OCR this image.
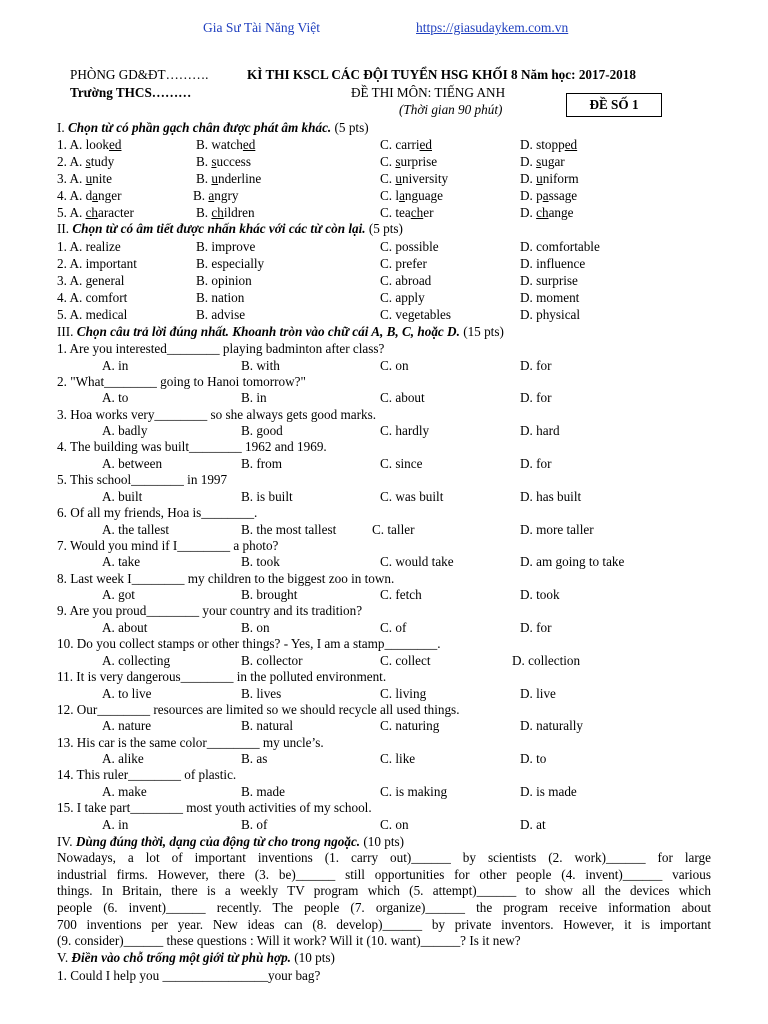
Gia Sư Tài Năng Việt	https://giasudaykem.com.vn
PHÒNG GD&ĐT……….	KÌ THI KSCL CÁC ĐỘI TUYỂN HSG KHỐI 8 Năm học: 2017-2018
Trường THCS………	ĐỀ THI MÔN: TIẾNG ANH
(Thời gian 90 phút)	ĐỀ SỐ 1
I. Chọn từ có phần gạch chân được phát âm khác. (5 pts)
1. A. looked	B. watched	C. carried	D. stopped
2. A. study	B. success	C. surprise	D. sugar
3. A. unite	B. underline	C. university	D. uniform
4. A. danger	B. angry	C. language	D. passage
5. A. character	B. children	C. teacher	D. change
II. Chọn từ có âm tiết được nhấn khác với các từ còn lại. (5 pts)
1. A. realize	B. improve	C. possible	D. comfortable
2. A. important	B. especially	C. prefer	D. influence
3. A. general	B. opinion	C. abroad	D. surprise
4. A. comfort	B. nation	C. apply	D. moment
5. A. medical	B. advise	C. vegetables	D. physical
III. Chọn câu trả lời đúng nhất. Khoanh tròn vào chữ cái A, B, C, hoặc D. (15 pts)
1. Are you interested________ playing badminton after class?
A. in	B. with	C. on	D. for
2. "What________ going to Hanoi tomorrow?"
A. to	B. in	C. about	D. for
3. Hoa works very________ so she always gets good marks.
A. badly	B. good	C. hardly	D. hard
4. The building was built________ 1962 and 1969.
A. between	B. from	C. since	D. for
5. This school________ in 1997
A. built	B. is built	C. was built	D. has built
6. Of all my friends, Hoa is________.
A. the tallest	B. the most tallest	C. taller	D. more taller
7. Would you mind if I________ a photo?
A. take	B. took	C. would take	D. am going to take
8. Last week I________ my children to the biggest zoo in town.
A. got	B. brought	C. fetch	D. took
9. Are you proud________ your country and its tradition?
A. about	B. on	C. of	D. for
10. Do you collect stamps or other things? - Yes, I am a stamp________.
A. collecting	B. collector	C. collect	D. collection
11. It is very dangerous________ in the polluted environment.
A. to live	B. lives	C. living	D. live
12. Our________ resources are limited so we should recycle all used things.
A. nature	B. natural	C. naturing	D. naturally
13. His car is the same color________ my uncle’s.
A. alike	B. as	C. like	D. to
14. This ruler________ of plastic.
A. make	B. made	C. is making	D. is made
15. I take part________ most youth activities of my school.
A. in	B. of	C. on	D. at
IV. Dùng đúng thời, dạng của động từ cho trong ngoặc. (10 pts)
Nowadays, a lot of important inventions (1. carry out)______ by scientists (2. work)______ for large
industrial firms. However, there (3. be)______ still opportunities for other people (4. invent)______ various
things. In Britain, there is a weekly TV program which (5. attempt)______ to show all the devices which
people (6. invent)______ recently. The people (7. organize)______ the program receive information about
700 inventions per year. New ideas can (8. develop)______ by private inventors. However, it is important
(9. consider)______ these questions : Will it work? Will it (10. want)______? Is it new?
V. Điền vào chỗ trống một giới từ phù hợp. (10 pts)
1. Could I help you ________________your bag?
